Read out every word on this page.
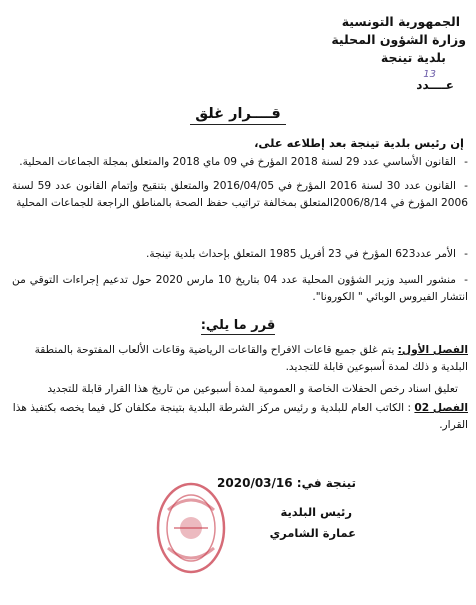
الجمهورية التونسية
وزارة الشؤون المحلية
بلدية تينجة
13
عــــدد
قــــرار غلق
إن رئيس بلدية تينجة بعد إطلاعه على،
-القانون الأساسي عدد 29 لسنة 2018 المؤرخ في 09 ماي 2018 والمتعلق بمجلة الجماعات المحلية.
-القانون عدد 30 لسنة 2016 المؤرخ في 2016/04/05 والمتعلق بتنقيح وإتمام القانون عدد 59 لسنة 2006 المؤرخ في 2006/8/14المتعلق بمخالفة تراتيب حفظ الصحة بالمناطق الراجعة للجماعات المحلية
-الأمر عدد623 المؤرخ في 23 أفريل 1985 المتعلق بإحداث بلدية تينجة.
-منشور السيد وزير الشؤون المحلية عدد 04 بتاريخ 10 مارس 2020 حول تدعيم إجراءات التوقي من انتشار الفيروس الوبائي " الكورونا".
قرر ما يلي:
الفصل الأول: يتم غلق جميع قاعات الافراح والقاعات الرياضية وقاعات الألعاب المفتوحة بالمنطقة البلدية و ذلك لمدة أسبوعين قابلة للتجديد.
تعليق اسناد رخص الحفلات الخاصة و العمومية لمدة أسبوعين من تاريخ هذا القرار قابلة للتجديد
الفصل 02 : الكاتب العام للبلدية و رئيس مركز الشرطة البلدية بتينجة مكلفان كل فيما يخصه بكتفيذ هذا القرار.
تينجة في: 2020/03/16
رئيس البلدية
عمارة الشامري
